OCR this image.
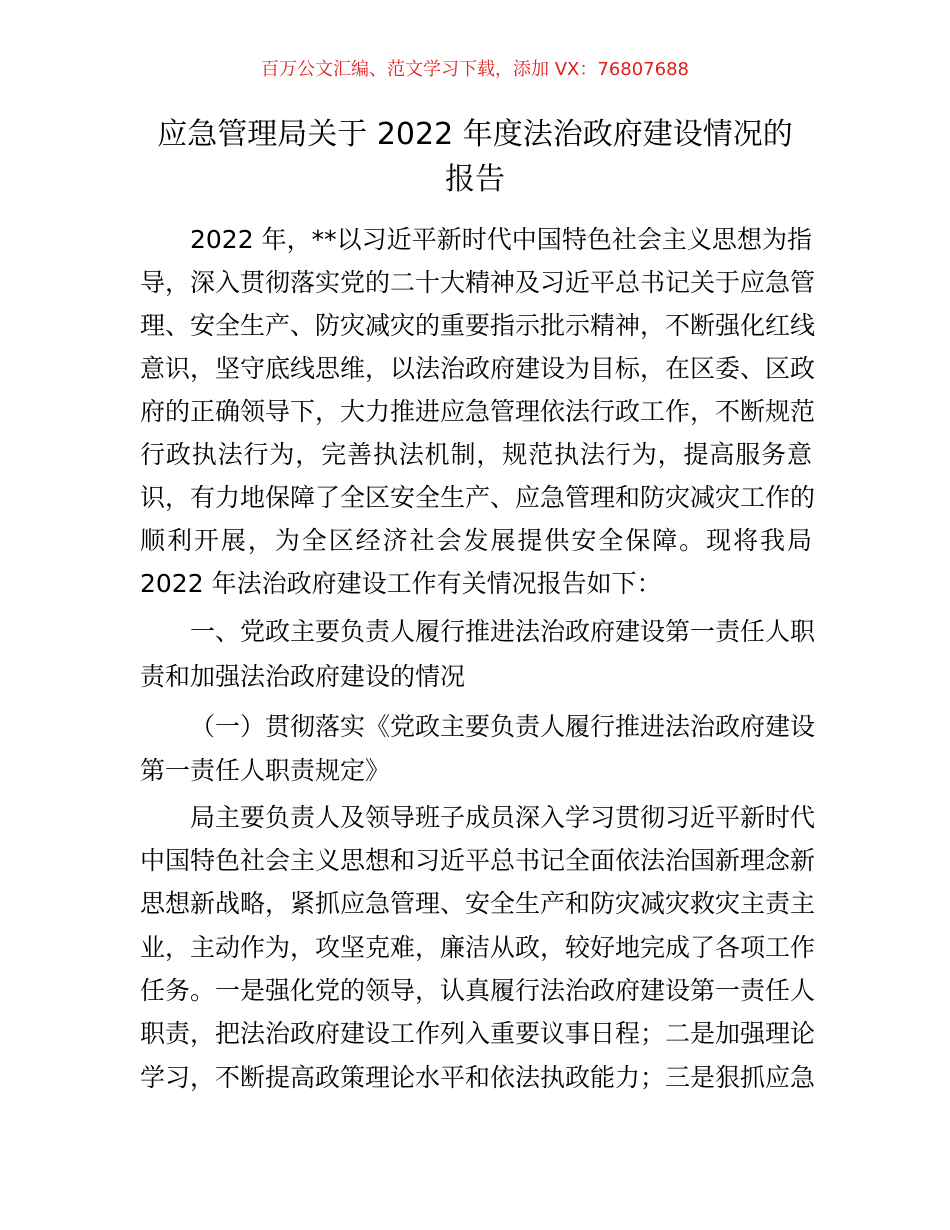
百万公文汇编、范文学习下载，添加 VX：76807688
应急管理局关于 2022 年度法治政府建设情况的
报告
2022 年，**以习近平新时代中国特色社会主义思想为指
导，深入贯彻落实党的二十大精神及习近平总书记关于应急管
理、安全生产、防灾减灾的重要指示批示精神，不断强化红线
意识，坚守底线思维，以法治政府建设为目标，在区委、区政
府的正确领导下，大力推进应急管理依法行政工作，不断规范
行政执法行为，完善执法机制，规范执法行为，提高服务意
识，有力地保障了全区安全生产、应急管理和防灾减灾工作的
顺利开展，为全区经济社会发展提供安全保障。现将我局
2022 年法治政府建设工作有关情况报告如下：
一、党政主要负责人履行推进法治政府建设第一责任人职
责和加强法治政府建设的情况
（一）贯彻落实《党政主要负责人履行推进法治政府建设
第一责任人职责规定》
局主要负责人及领导班子成员深入学习贯彻习近平新时代
中国特色社会主义思想和习近平总书记全面依法治国新理念新
思想新战略，紧抓应急管理、安全生产和防灾减灾救灾主责主
业，主动作为，攻坚克难，廉洁从政，较好地完成了各项工作
任务。一是强化党的领导，认真履行法治政府建设第一责任人
职责，把法治政府建设工作列入重要议事日程；二是加强理论
学习，不断提高政策理论水平和依法执政能力；三是狠抓应急
